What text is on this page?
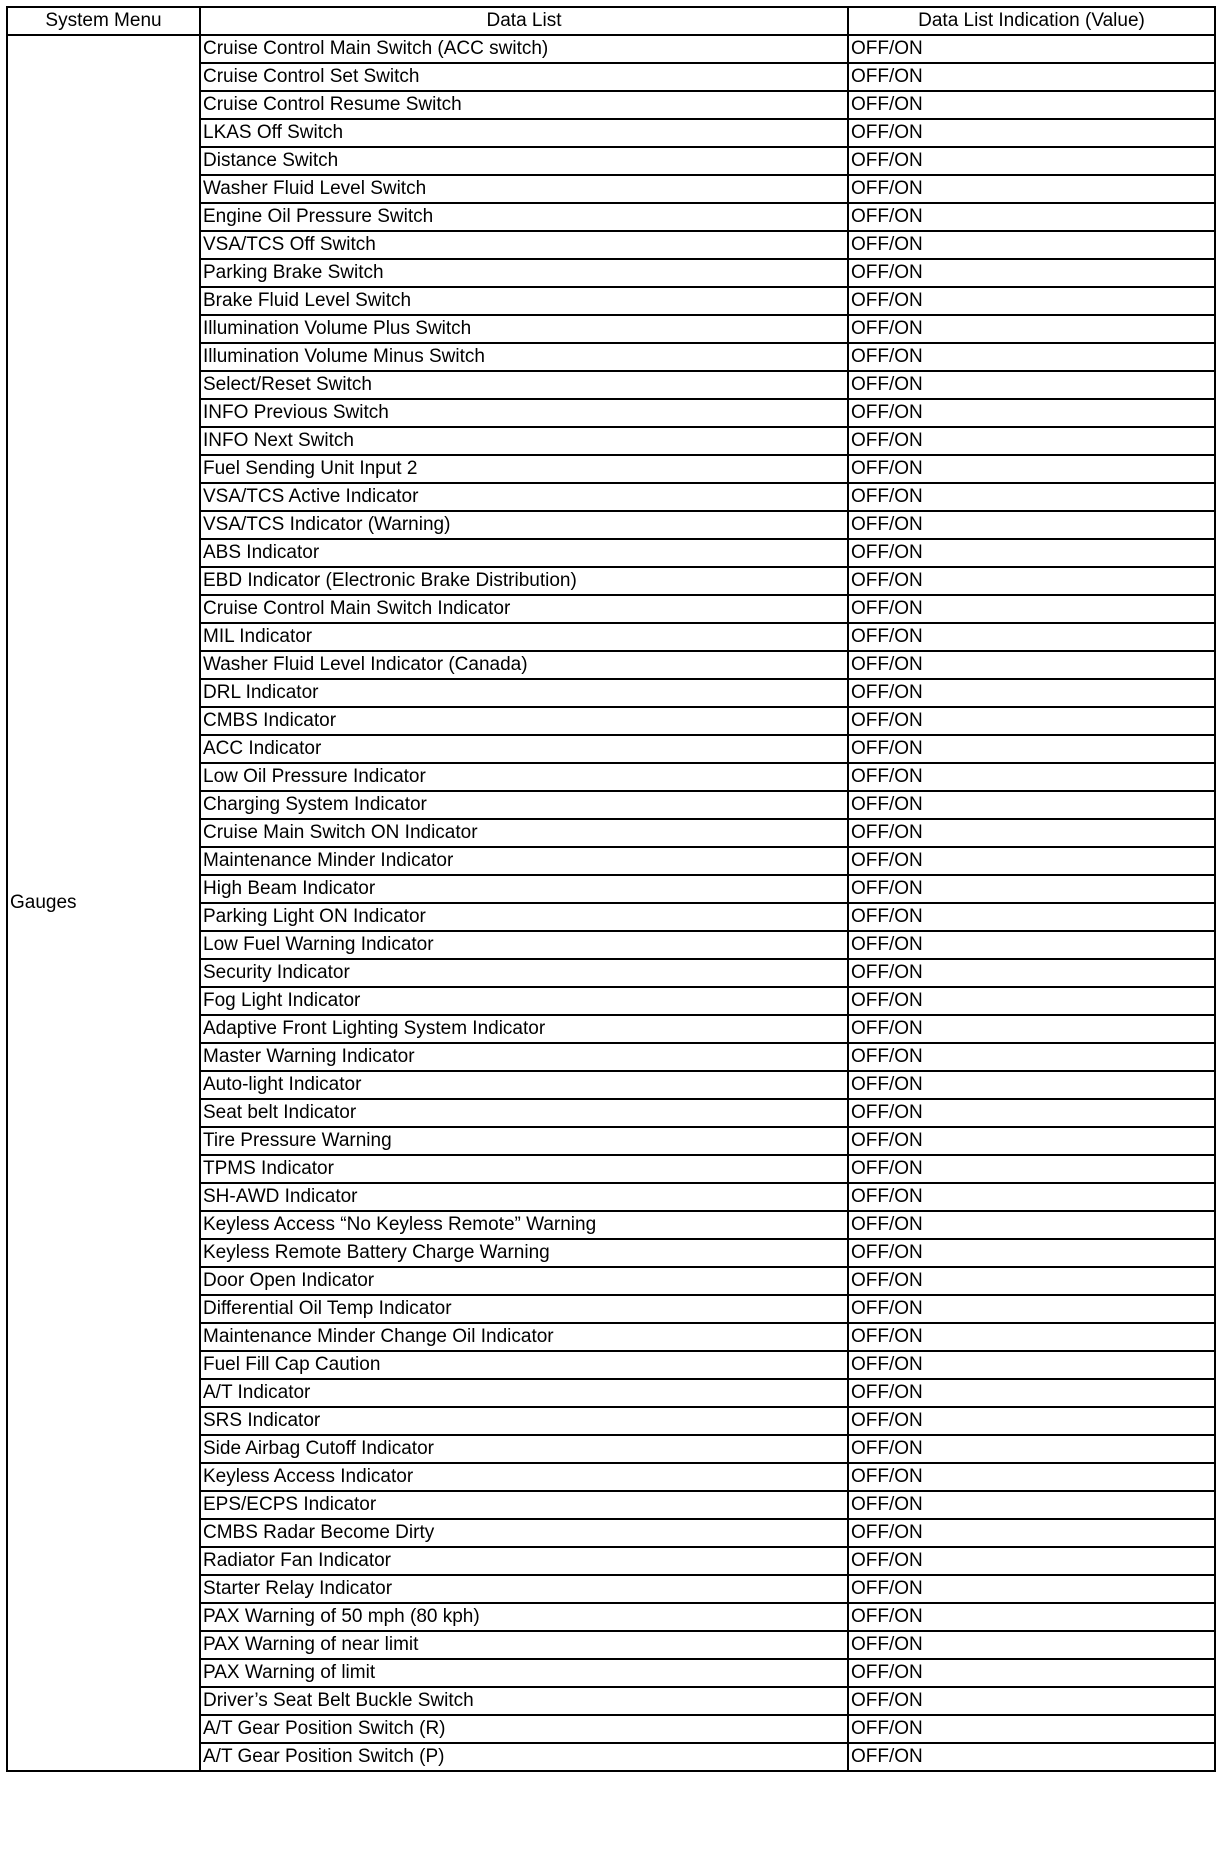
System Menu	Data List	Data List Indication (Value)
Gauges	Cruise Control Main Switch (ACC switch)	OFF/ON
	Cruise Control Set Switch	OFF/ON
	Cruise Control Resume Switch	OFF/ON
	LKAS Off Switch	OFF/ON
	Distance Switch	OFF/ON
	Washer Fluid Level Switch	OFF/ON
	Engine Oil Pressure Switch	OFF/ON
	VSA/TCS Off Switch	OFF/ON
	Parking Brake Switch	OFF/ON
	Brake Fluid Level Switch	OFF/ON
	Illumination Volume Plus Switch	OFF/ON
	Illumination Volume Minus Switch	OFF/ON
	Select/Reset Switch	OFF/ON
	INFO Previous Switch	OFF/ON
	INFO Next Switch	OFF/ON
	Fuel Sending Unit Input 2	OFF/ON
	VSA/TCS Active Indicator	OFF/ON
	VSA/TCS Indicator (Warning)	OFF/ON
	ABS Indicator	OFF/ON
	EBD Indicator (Electronic Brake Distribution)	OFF/ON
	Cruise Control Main Switch Indicator	OFF/ON
	MIL Indicator	OFF/ON
	Washer Fluid Level Indicator (Canada)	OFF/ON
	DRL Indicator	OFF/ON
	CMBS Indicator	OFF/ON
	ACC Indicator	OFF/ON
	Low Oil Pressure Indicator	OFF/ON
	Charging System Indicator	OFF/ON
	Cruise Main Switch ON Indicator	OFF/ON
	Maintenance Minder Indicator	OFF/ON
	High Beam Indicator	OFF/ON
	Parking Light ON Indicator	OFF/ON
	Low Fuel Warning Indicator	OFF/ON
	Security Indicator	OFF/ON
	Fog Light Indicator	OFF/ON
	Adaptive Front Lighting System Indicator	OFF/ON
	Master Warning Indicator	OFF/ON
	Auto-light Indicator	OFF/ON
	Seat belt Indicator	OFF/ON
	Tire Pressure Warning	OFF/ON
	TPMS Indicator	OFF/ON
	SH-AWD Indicator	OFF/ON
	Keyless Access “No Keyless Remote” Warning	OFF/ON
	Keyless Remote Battery Charge Warning	OFF/ON
	Door Open Indicator	OFF/ON
	Differential Oil Temp Indicator	OFF/ON
	Maintenance Minder Change Oil Indicator	OFF/ON
	Fuel Fill Cap Caution	OFF/ON
	A/T Indicator	OFF/ON
	SRS Indicator	OFF/ON
	Side Airbag Cutoff Indicator	OFF/ON
	Keyless Access Indicator	OFF/ON
	EPS/ECPS Indicator	OFF/ON
	CMBS Radar Become Dirty	OFF/ON
	Radiator Fan Indicator	OFF/ON
	Starter Relay Indicator	OFF/ON
	PAX Warning of 50 mph (80 kph)	OFF/ON
	PAX Warning of near limit	OFF/ON
	PAX Warning of limit	OFF/ON
	Driver’s Seat Belt Buckle Switch	OFF/ON
	A/T Gear Position Switch (R)	OFF/ON
	A/T Gear Position Switch (P)	OFF/ON
